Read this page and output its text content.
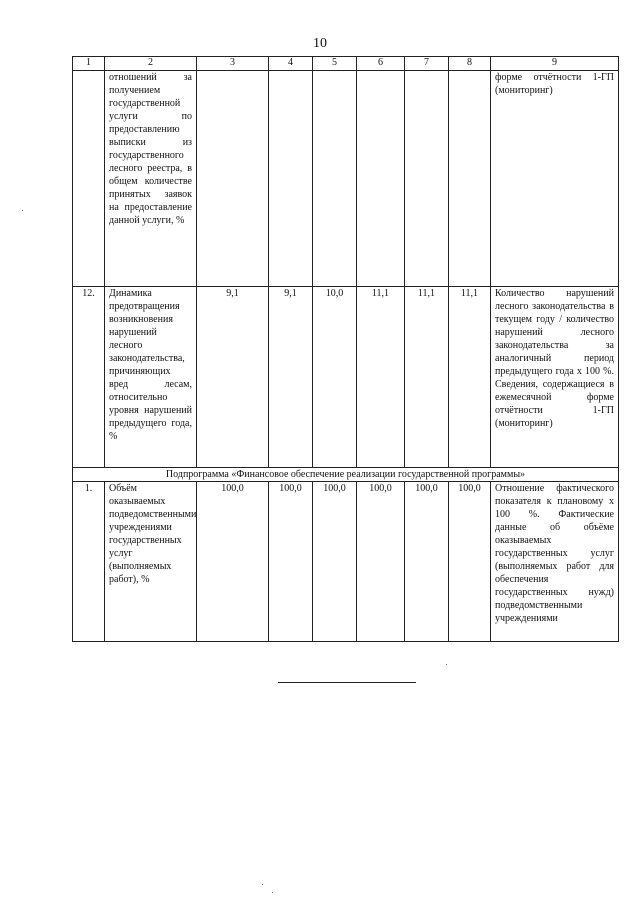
10
1	2	3	4	5	6	7	8	9
	отношений за получением государственной услуги по предоставлению выписки из государственного лесного реестра, в общем количестве принятых заявок на предоставление данной услуги, %							форме отчётности 1-ГП (мониторинг)
12.	Динамика предотвращения возникновения нарушений лесного законодательства, причиняющих вред лесам, относительно уровня нарушений предыдущего года, %	9,1	9,1	10,0	11,1	11,1	11,1	Количество нарушений лесного законодательства в текущем году / количество нарушений лесного законодательства за аналогичный период предыдущего года х 100 %. Сведения, содержащиеся в ежемесячной форме отчётности 1-ГП (мониторинг)
Подпрограмма «Финансовое обеспечение реализации государственной программы»								
1.	Объём оказываемых подведомственными учреждениями государственных услуг (выполняемых работ), %	100,0	100,0	100,0	100,0	100,0	100,0	Отношение фактического показателя к плановому х 100 %. Фактические данные об объёме оказываемых государственных услуг (выполняемых работ для обеспечения государственных нужд) подведомственными учреждениями
